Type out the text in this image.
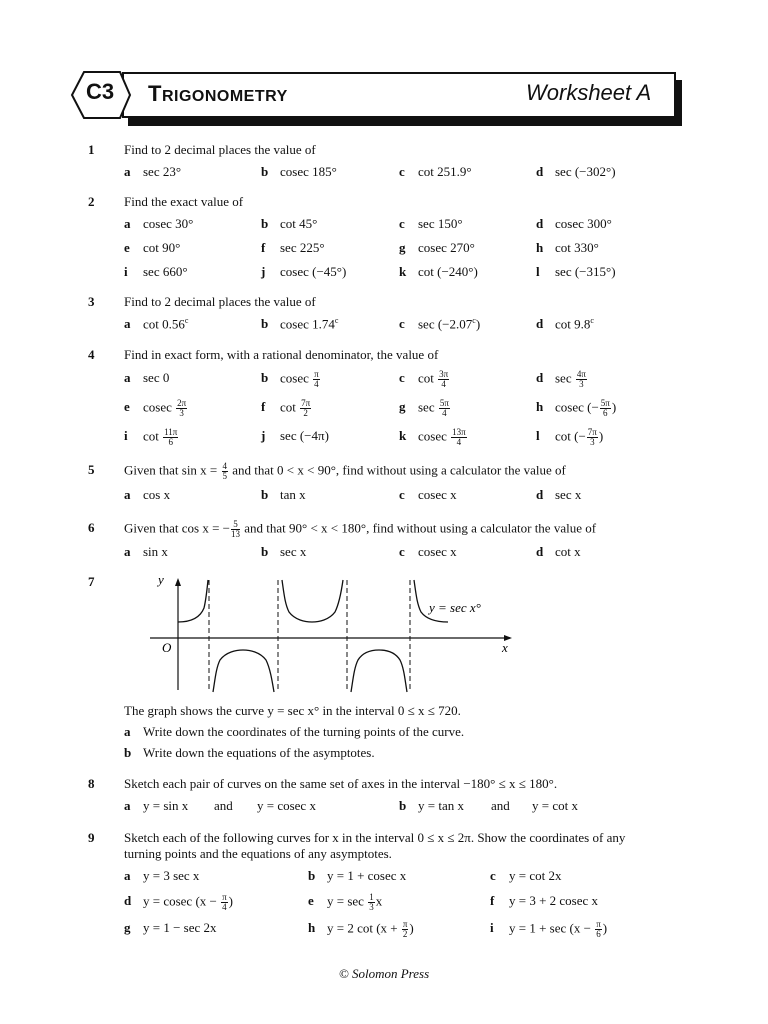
C3	TRIGONOMETRY	Worksheet A
1 Find to 2 decimal places the value of
a sec 23°	b cosec 185°	c cot 251.9°	d sec (−302°)
2 Find the exact value of
a cosec 30°	b cot 45°	c sec 150°	d cosec 300°
e cot 90°	f sec 225°	g cosec 270°	h cot 330°
i sec 660°	j cosec (−45°)	k cot (−240°)	l sec (−315°)
3 Find to 2 decimal places the value of
a cot 0.56$^c$	b cosec 1.74$^c$	c sec (−2.07$^c$)	d cot 9.8$^c$
4 Find in exact form, with a rational denominator, the value of
a sec 0	b cosec $\frac{\pi}{4}$	c $\cot \frac{3\pi}{4}$	d $\sec \frac{4\pi}{3}$
e cosec $\frac{2\pi}{3}$	f $\cot \frac{7\pi}{2}$	g $\sec \frac{5\pi}{4}$	h cosec (− $\frac{5\pi}{6}$ )
i $\cot \frac{11\pi}{6}$	j sec (−4π)	k cosec $\frac{13\pi}{4}$	l cot (− $\frac{7\pi}{3}$ )
5 Given that $\sin x = \frac{4}{5}$ and that 0 < x < 90°, find without using a calculator the value of
a cos x	b tan x	c cosec x	d sec x
6 Given that cos x = − $\frac{5}{13}$ and that 90° < x < 180°, find without using a calculator the value of
a sin x	b sec x	c cosec x	d cot x
7	y
x
O
y = sec x°
The graph shows the curve y = sec x° in the interval 0 ≤ x ≤ 720.
a Write down the coordinates of the turning points of the curve.
b Write down the equations of the asymptotes.
8 Sketch each pair of curves on the same set of axes in the interval −180° ≤ x ≤ 180°.
a y = sin x and y = cosec x	b y = tan x and y = cot x
9 Sketch each of the following curves for x in the interval 0 ≤ x ≤ 2π. Show the coordinates of any
turning points and the equations of any asymptotes.
a y = 3 sec x	b y = 1 + cosec x	c y = cot 2x
d y = cosec ($x - \frac{\pi}{4}$ )	e $y = \sec \frac{1}{3}$ x	f y = 3 + 2 cosec x
g y = 1 − sec 2x	h y = 2 $\cot (x + \frac{\pi}{2}$ )	i $y = 1 + \sec (x - \frac{\pi}{6}$ )
© Solomon Press
